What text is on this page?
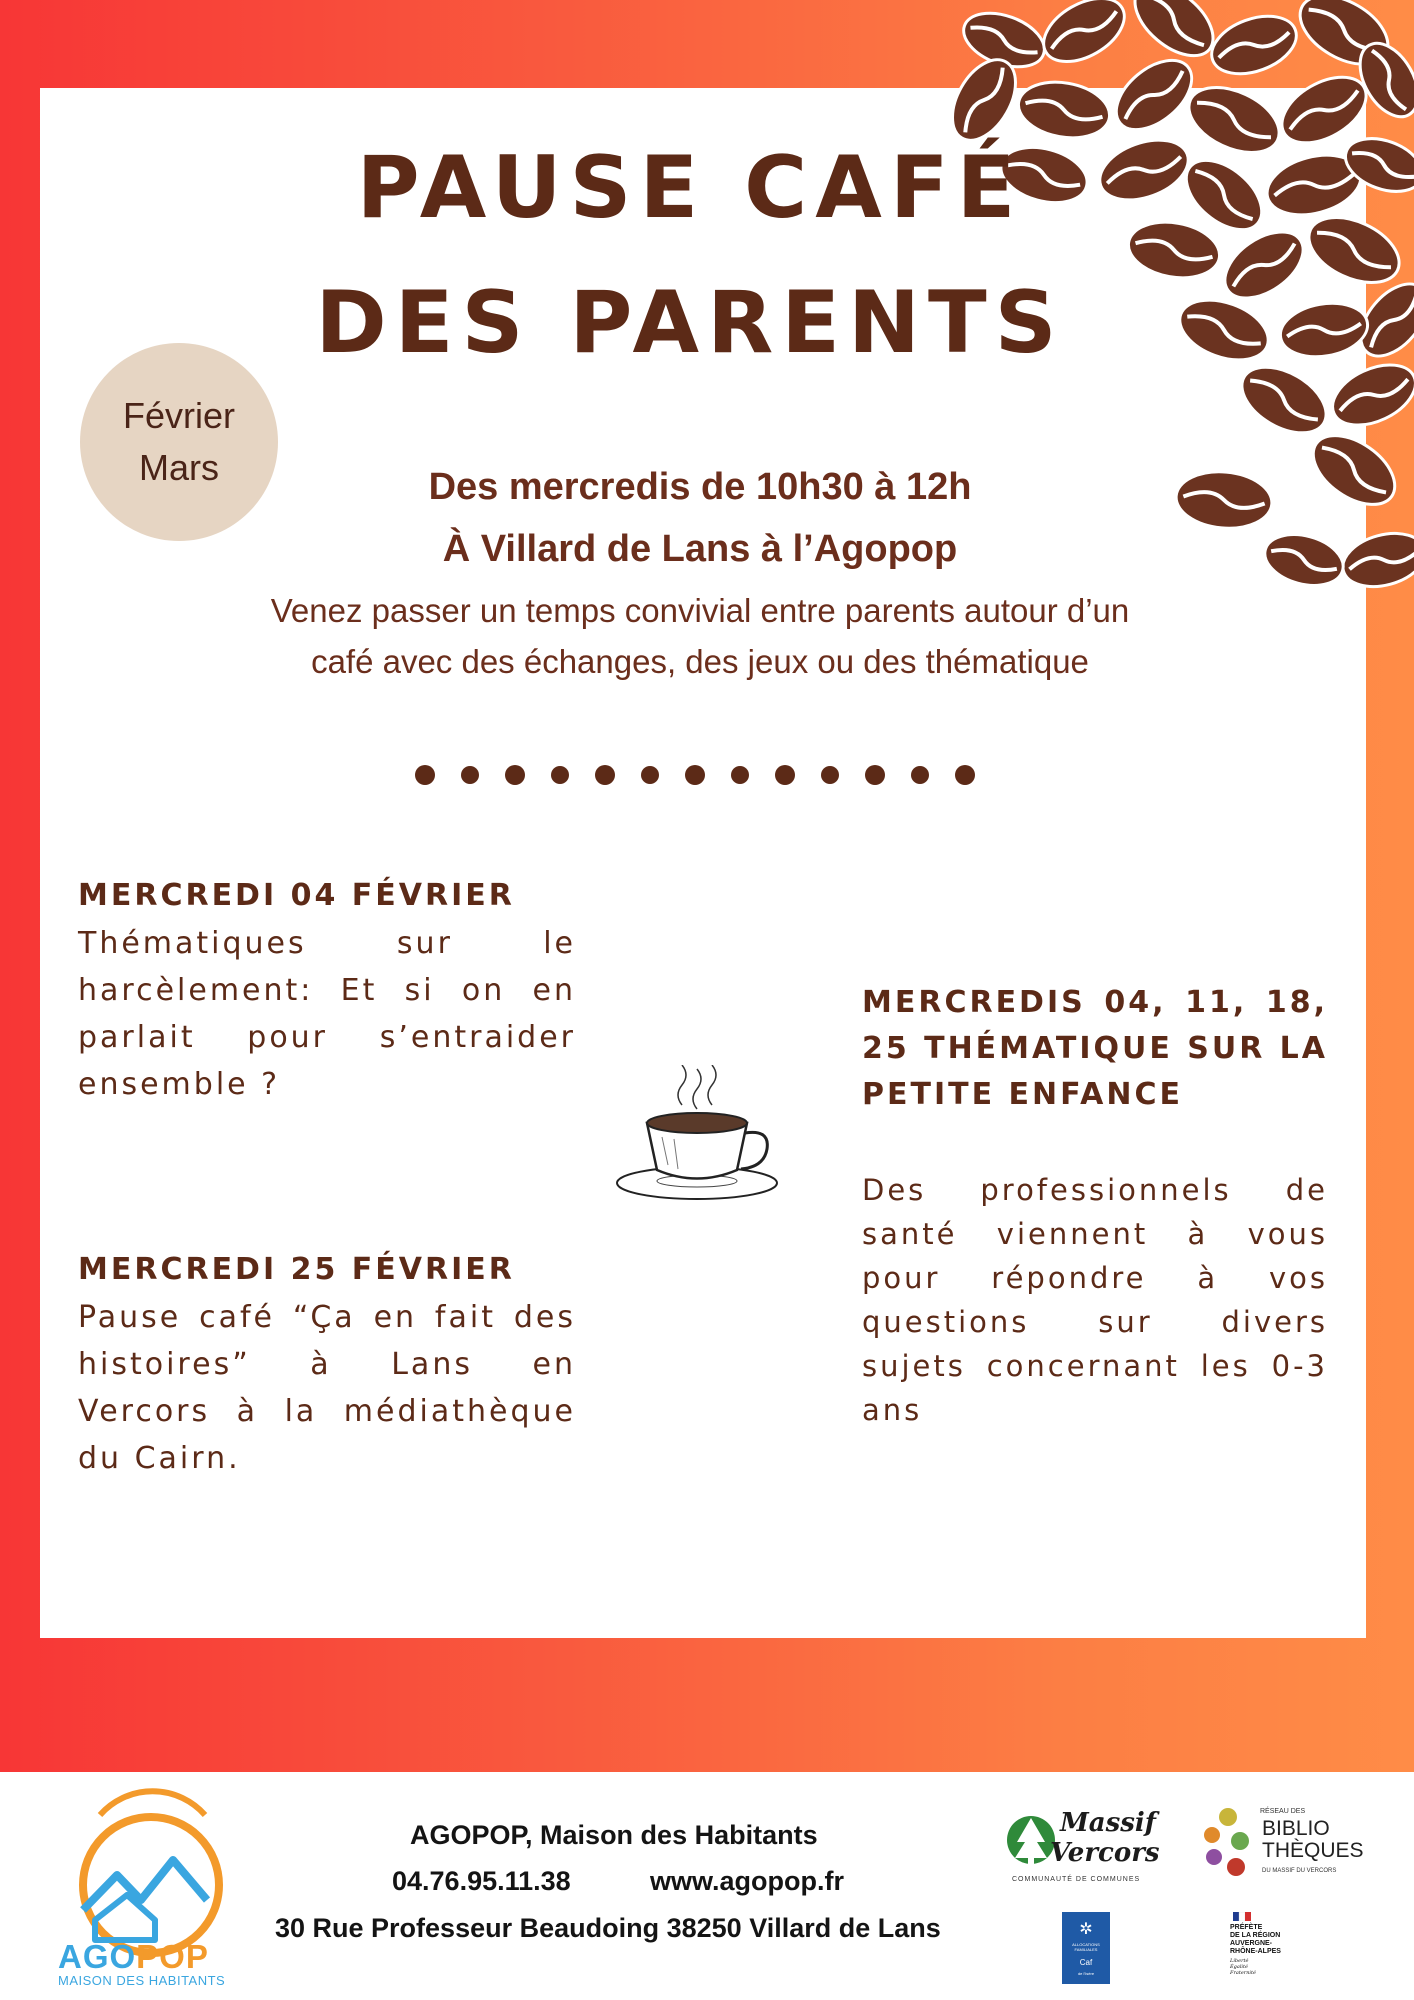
PAUSE CAFÉ
DES PARENTS
Février
Mars	Des mercredis de 10h30 à 12h
À Villard de Lans à l’Agopop
Venez passer un temps convivial entre parents autour d’un café avec des échanges, des jeux ou des thématique
MERCREDI 04 FÉVRIER
Thématiques sur le harcèlement: Et si on en parlait pour s’entraider ensemble ?
MERCREDI 25 FÉVRIER
Pause café “Ça en fait des histoires” à Lans en Vercors à la médiathèque du Cairn.
MERCREDIS 04, 11, 18, 25 THÉMATIQUE SUR LA PETITE ENFANCE
Des professionnels de santé viennent à vous pour répondre à vos questions sur divers sujets concernant les 0-3 ans
AGOPOP
MAISON DES HABITANTS
AGOPOP, Maison des Habitants
04.76.95.11.38	www.agopop.fr
30 Rue Professeur Beaudoing 38250 Villard de Lans
Massif
Vercors
COMMUNAUTÉ DE COMMUNES
RÉSEAU DES
BIBLIO
THÈQUES
DU MASSIF DU VERCORS
✲
ALLOCATIONS FAMILIALES
Caf
de l'Isère
PRÉFÈTE
DE LA RÉGION
AUVERGNE-
RHÔNE-ALPES
Liberté
Égalité
Fraternité
